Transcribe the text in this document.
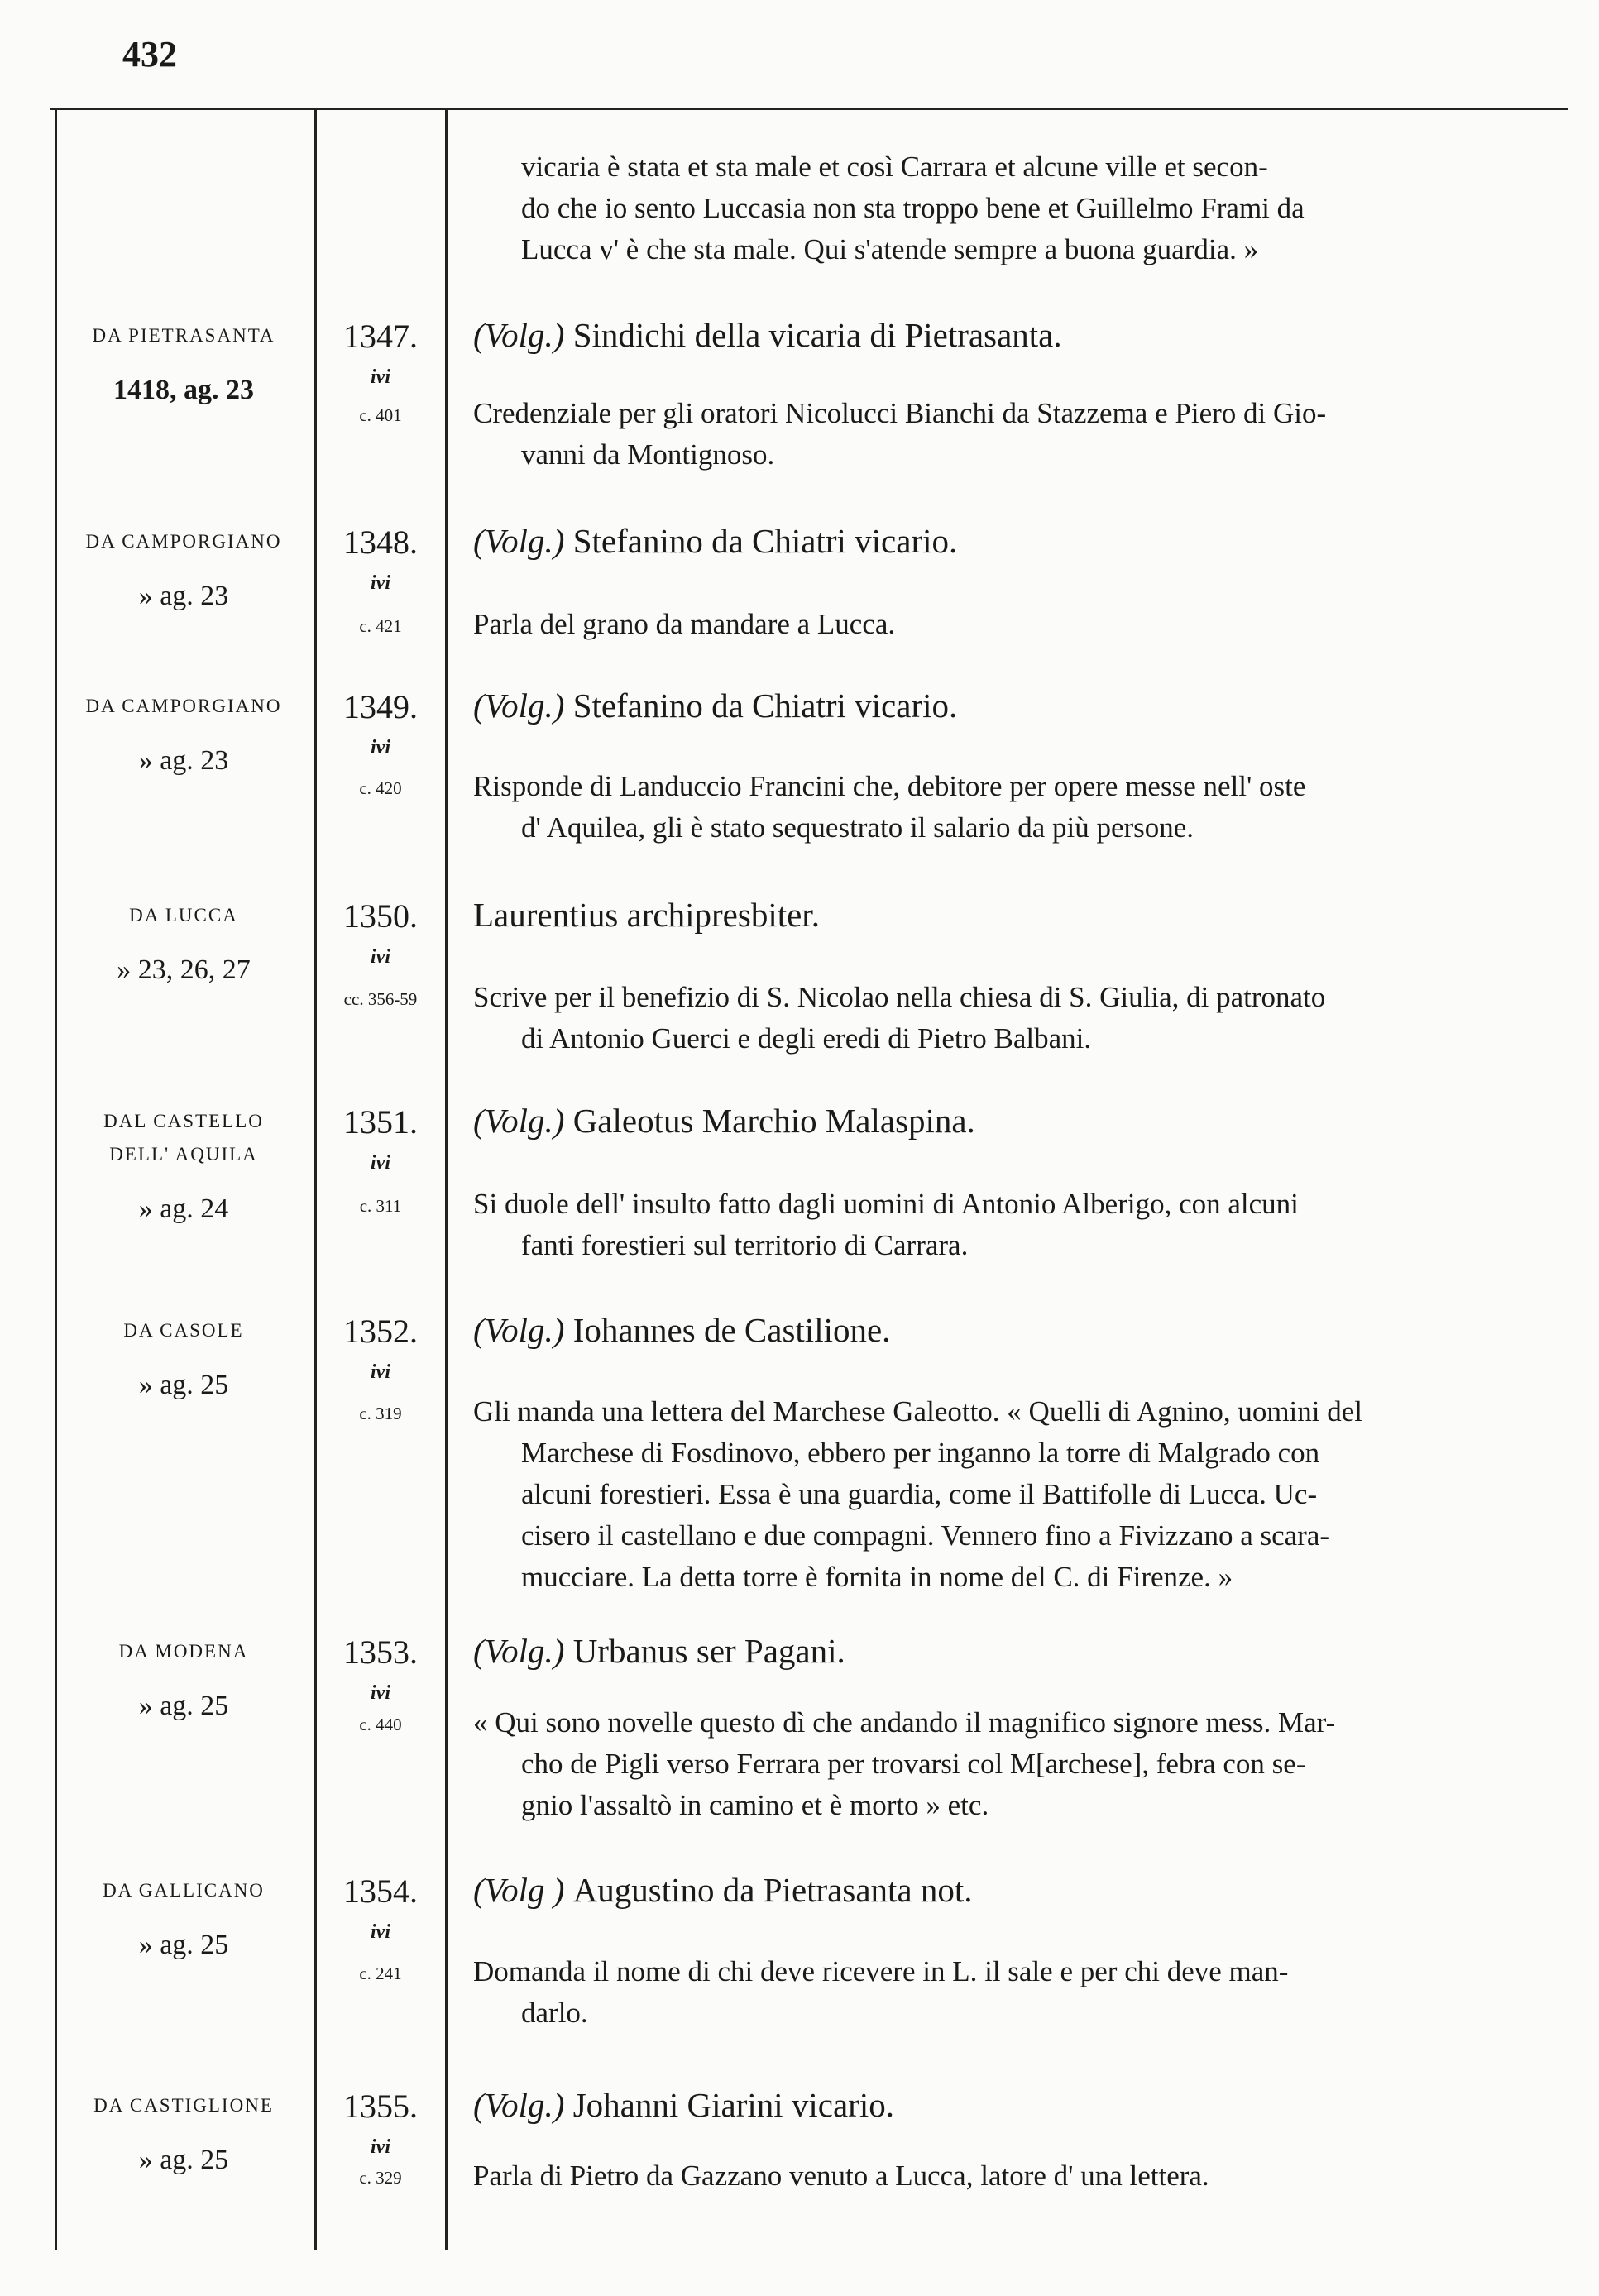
432
vicaria è stata et sta male et così Carrara et alcune ville et secon-
do che io sento Luccasia non sta troppo bene et Guillelmo Frami da
Lucca v' è che sta male. Qui s'atende sempre a buona guardia. »
DA PIETRASANTA
1418, ag. 23
1347.
ivi
c. 401
(Volg.) Sindichi della vicaria di Pietrasanta.
Credenziale per gli oratori Nicolucci Bianchi da Stazzema e Piero di Gio-
vanni da Montignoso.
DA CAMPORGIANO
» ag. 23
1348.
ivi
c. 421
(Volg.) Stefanino da Chiatri vicario.
Parla del grano da mandare a Lucca.
DA CAMPORGIANO
» ag. 23
1349.
ivi
c. 420
(Volg.) Stefanino da Chiatri vicario.
Risponde di Landuccio Francini che, debitore per opere messe nell' oste
d' Aquilea, gli è stato sequestrato il salario da più persone.
DA LUCCA
» 23, 26, 27
1350.
ivi
cc. 356-59
Laurentius archipresbiter.
Scrive per il benefizio di S. Nicolao nella chiesa di S. Giulia, di patronato
di Antonio Guerci e degli eredi di Pietro Balbani.
DAL CASTELLO
DELL' AQUILA
» ag. 24
1351.
ivi
c. 311
(Volg.) Galeotus Marchio Malaspina.
Si duole dell' insulto fatto dagli uomini di Antonio Alberigo, con alcuni
fanti forestieri sul territorio di Carrara.
DA CASOLE
» ag. 25
1352.
ivi
c. 319
(Volg.) Iohannes de Castilione.
Gli manda una lettera del Marchese Galeotto. « Quelli di Agnino, uomini del
Marchese di Fosdinovo, ebbero per inganno la torre di Malgrado con
alcuni forestieri. Essa è una guardia, come il Battifolle di Lucca. Uc-
cisero il castellano e due compagni. Vennero fino a Fivizzano a scara-
mucciare. La detta torre è fornita in nome del C. di Firenze. »
DA MODENA
» ag. 25
1353.
ivi
c. 440
(Volg.) Urbanus ser Pagani.
« Qui sono novelle questo dì che andando il magnifico signore mess. Mar-
cho de Pigli verso Ferrara per trovarsi col M[archese], febra con se-
gnio l'assaltò in camino et è morto » etc.
DA GALLICANO
» ag. 25
1354.
ivi
c. 241
(Volg ) Augustino da Pietrasanta not.
Domanda il nome di chi deve ricevere in L. il sale e per chi deve man-
darlo.
DA CASTIGLIONE
» ag. 25
1355.
ivi
c. 329
(Volg.) Johanni Giarini vicario.
Parla di Pietro da Gazzano venuto a Lucca, latore d' una lettera.
